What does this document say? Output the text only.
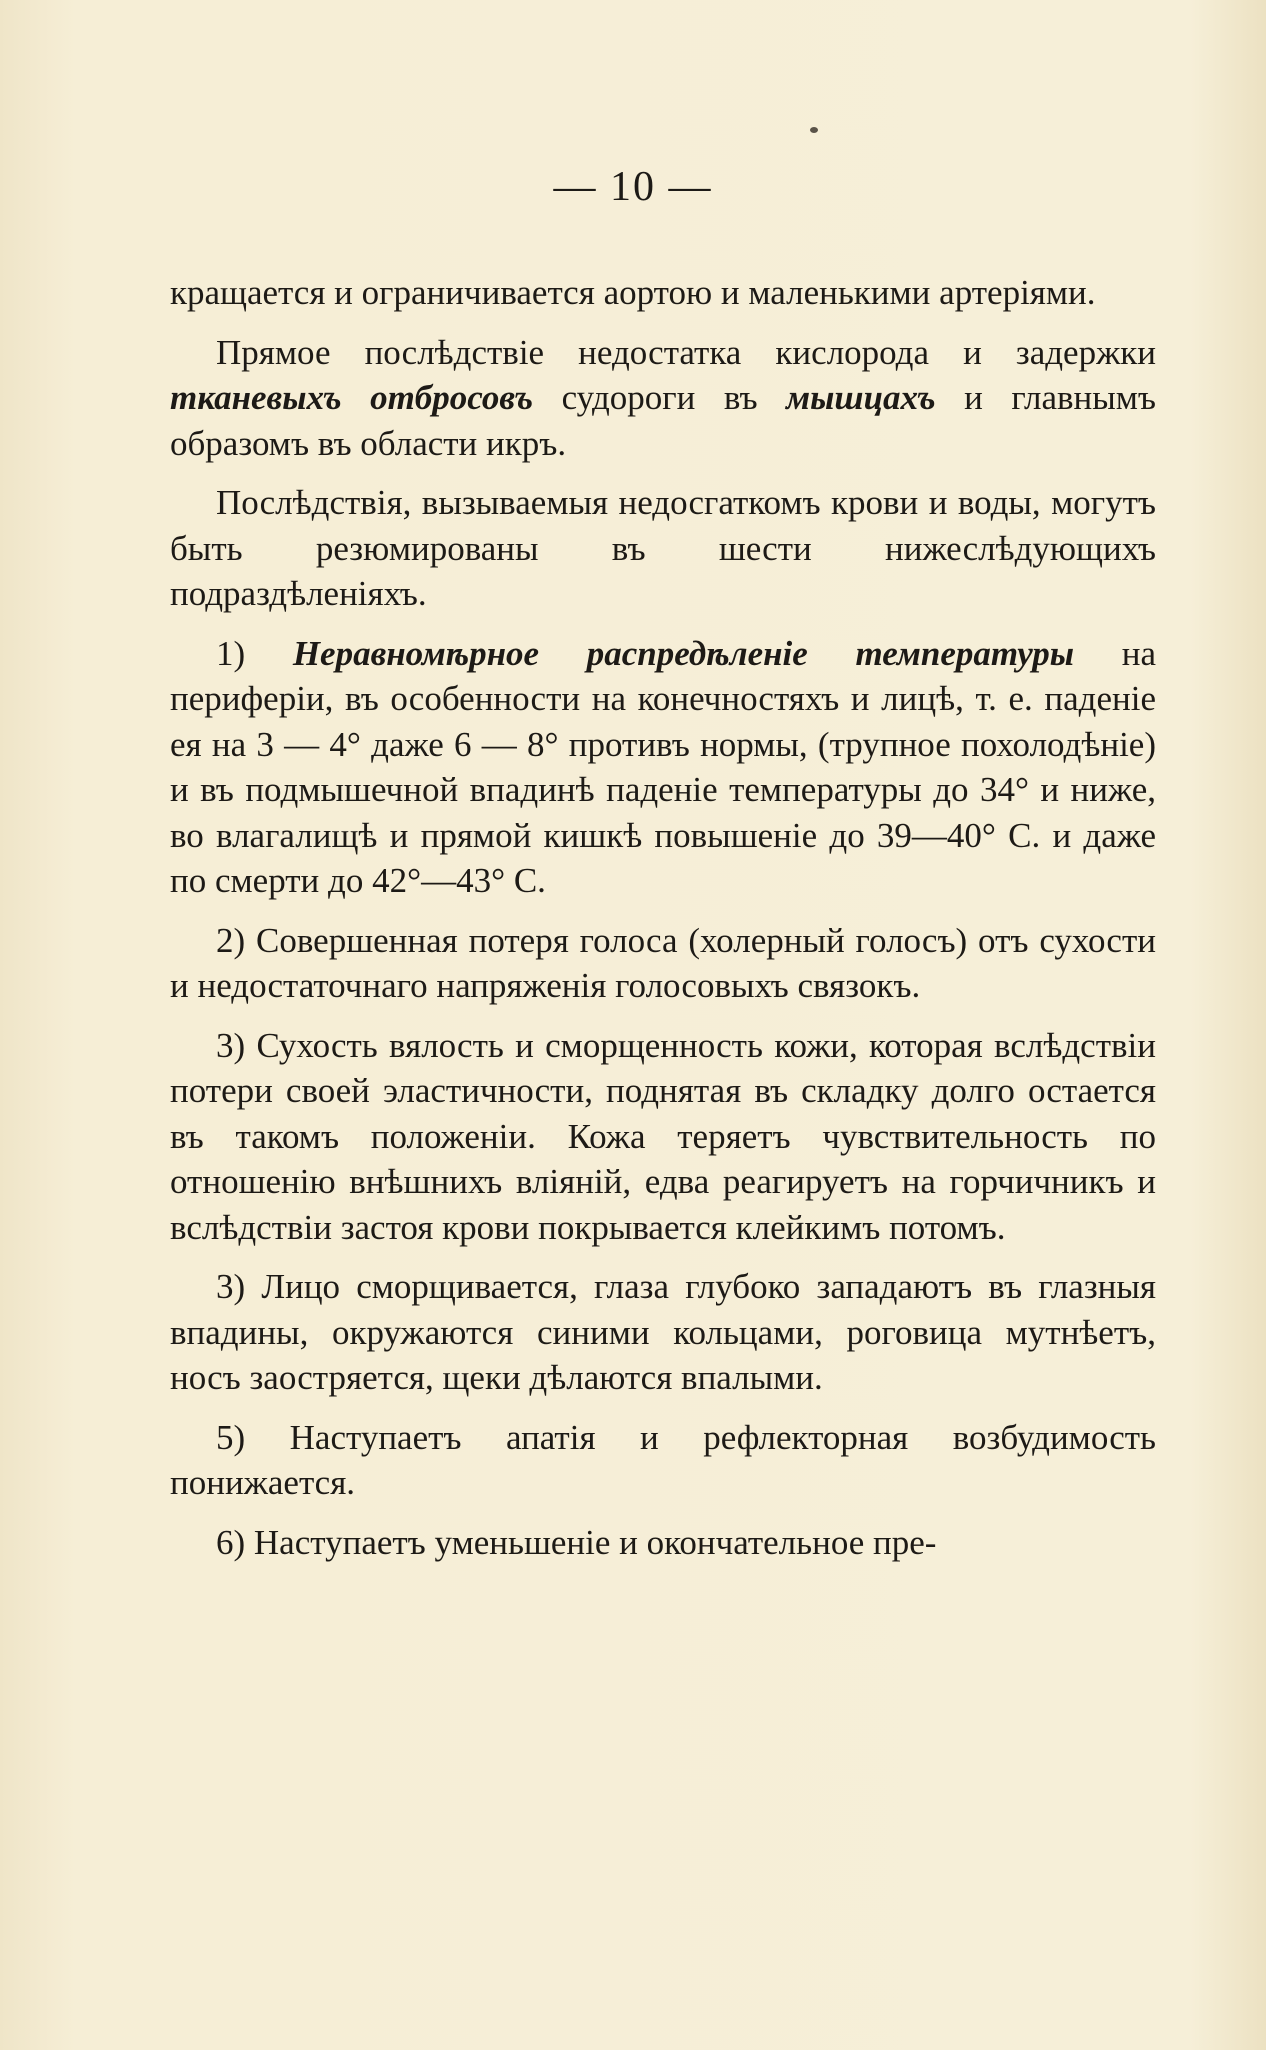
— 10 —

кращается и ограничивается аортою и маленькими артеріями.

Прямое послѣдствіе недостатка кислорода и задержки тканевыхъ отбросовъ судороги въ мышцахъ и главнымъ образомъ въ области икръ.

Послѣдствія, вызываемыя недосгаткомъ крови и воды, могутъ быть резюмированы въ шести нижеслѣдующихъ подраздѣленіяхъ.

1) Неравномѣрное распредѣленіе температуры на периферіи, въ особенности на конечностяхъ и лицѣ, т. е. паденіе ея на 3 — 4° даже 6 — 8° противъ нормы, (трупное похолодѣніе) и въ подмышечной впадинѣ паденіе температуры до 34° и ниже, во влагалищѣ и прямой кишкѣ повышеніе до 39—40° С. и даже по смерти до 42°—43° С.

2) Совершенная потеря голоса (холерный голосъ) отъ сухости и недостаточнаго напряженія голосовыхъ связокъ.

3) Сухость вялость и сморщенность кожи, которая вслѣдствіи потери своей эластичности, поднятая въ складку долго остается въ такомъ положеніи. Кожа теряетъ чувствительность по отношенію внѣшнихъ вліяній, едва реагируетъ на горчичникъ и вслѣдствіи застоя крови покрывается клейкимъ потомъ.

3) Лицо сморщивается, глаза глубоко западаютъ въ глазныя впадины, окружаются синими кольцами, роговица мутнѣетъ, носъ заостряется, щеки дѣлаются впалыми.

5) Наступаетъ апатія и рефлекторная возбудимость понижается.

6) Наступаетъ уменьшеніе и окончательное пре-
